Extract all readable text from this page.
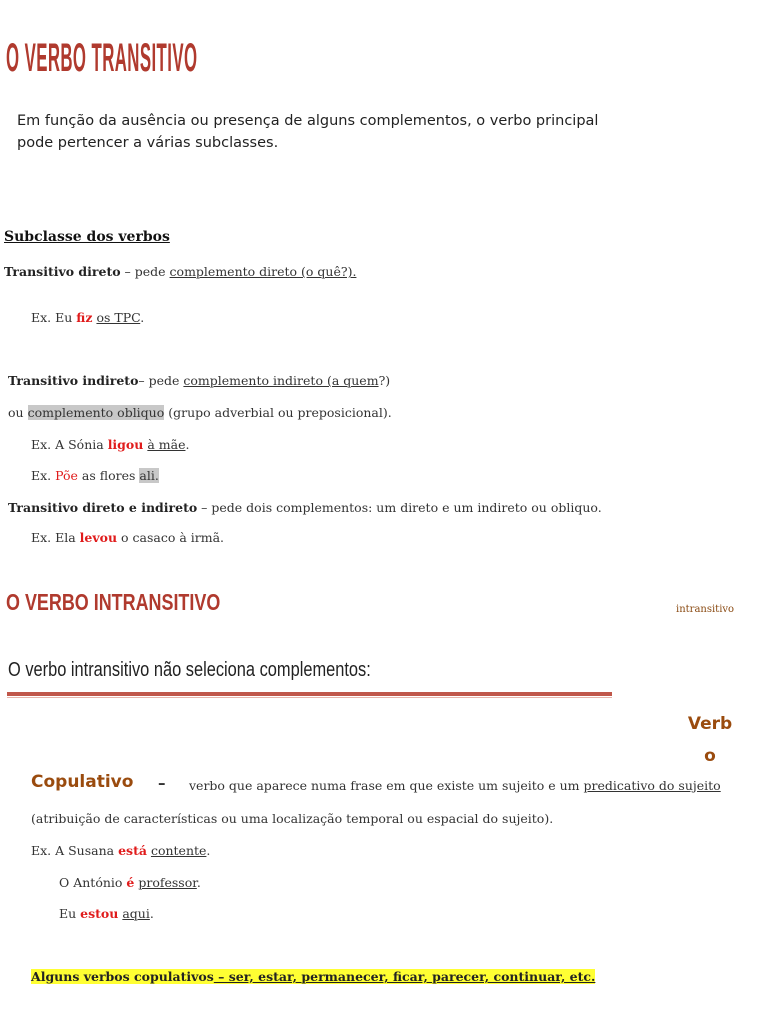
O VERBO TRANSITIVO
Em função da ausência ou presença de alguns complementos, o verbo principal pode pertencer a várias subclasses.
Subclasse dos verbos
Transitivo direto – pede complemento direto (o quê?).
Ex. Eu fiz os TPC.
Transitivo indireto– pede complemento indireto (a quem?)
ou complemento obliquo (grupo adverbial ou preposicional).
Ex. A Sónia ligou à mãe.
Ex. Põe as flores ali.
Transitivo direto e indireto – pede dois complementos: um direto e um indireto ou obliquo.
Ex. Ela levou o casaco à irmã.
O VERBO INTRANSITIVO	intransitivo
O verbo intransitivo não seleciona complementos:
Verb
o
Copulativo – verbo que aparece numa frase em que existe um sujeito e um predicativo do sujeito
(atribuição de características ou uma localização temporal ou espacial do sujeito).
Ex. A Susana está contente.
O António é professor.
Eu estou aqui.
Alguns verbos copulativos – ser, estar, permanecer, ficar, parecer, continuar, etc.
